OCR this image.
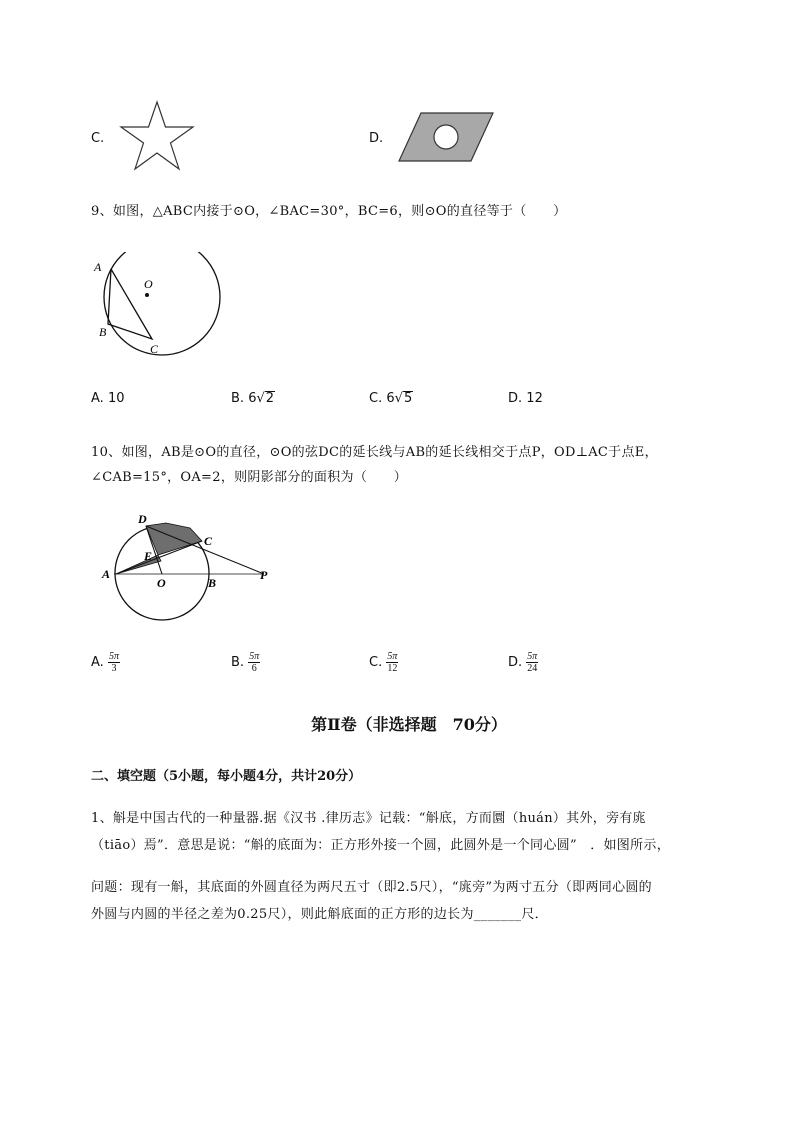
C.	D.
9、如图，△ABC内接于⊙O，∠BAC=30°，BC=6，则⊙O的直径等于（　　）
A
O
B
C
A. 10	B. 6√2	C. 6√5	D. 12
10、如图，AB是⊙O的直径，⊙O的弦DC的延长线与AB的延长线相交于点P，OD⊥AC于点E，
∠CAB=15°，OA=2，则阴影部分的面积为（　　）
D
C
E
A
O	B
P
A. $\frac{5\pi}{3}$	B. $\frac{5\pi}{6}$	C. $\frac{5\pi}{12}$	D. $\frac{5\pi}{24}$
第Ⅱ卷（非选择题　70分）
二、填空题（5小题，每小题4分，共计20分）
1、斛是中国古代的一种量器.据《汉书 .律历志》记载：“斛底，方而圜（huán）其外，旁有庣
（tiāo）焉”．意思是说：“斛的底面为：正方形外接一个圆，此圆外是一个同心圆”　．如图所示，
问题：现有一斛，其底面的外圆直径为两尺五寸（即2.5尺），“庣旁”为两寸五分（即两同心圆的
外圆与内圆的半径之差为0.25尺），则此斛底面的正方形的边长为_______尺．
